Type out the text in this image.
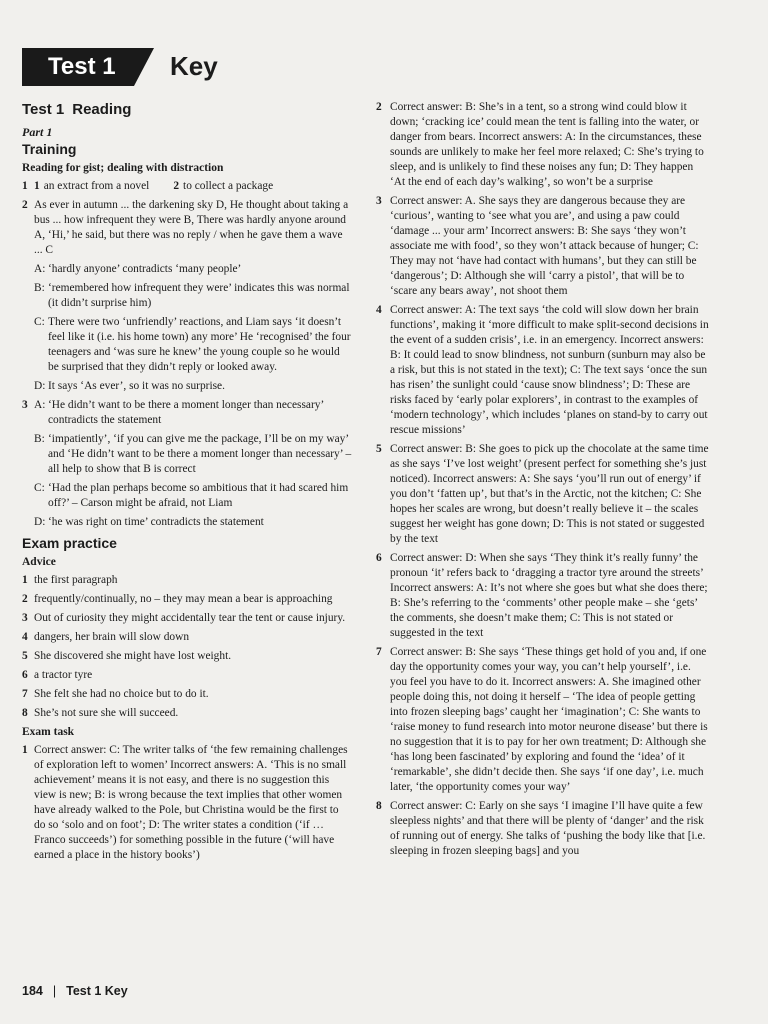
Test 1 Key
Test 1 Reading
Part 1
Training
Reading for gist; dealing with distraction
1 1 an extract from a novel	2 to collect a package
2 As ever in autumn ... the darkening sky D, He thought about taking a bus ... how infrequent they were B, There was hardly anyone around A, ‘Hi,’ he said, but there was no reply / when he gave them a wave ... C
A: ‘hardly anyone’ contradicts ‘many people’
B: ‘remembered how infrequent they were’ indicates this was normal (it didn’t surprise him)
C: There were two ‘unfriendly’ reactions, and Liam says ‘it doesn’t feel like it (i.e. his home town) any more’ He ‘recognised’ the four teenagers and ‘was sure he knew’ the young couple so he would be surprised that they didn’t reply or looked away.
D: It says ‘As ever’, so it was no surprise.
3 A: ‘He didn’t want to be there a moment longer than necessary’ contradicts the statement
B: ‘impatiently’, ‘if you can give me the package, I’ll be on my way’ and ‘He didn’t want to be there a moment longer than necessary’ – all help to show that B is correct
C: ‘Had the plan perhaps become so ambitious that it had scared him off?’ – Carson might be afraid, not Liam
D: ‘he was right on time’ contradicts the statement
Exam practice
Advice
1 the first paragraph
2 frequently/continually, no – they may mean a bear is approaching
3 Out of curiosity they might accidentally tear the tent or cause injury.
4 dangers, her brain will slow down
5 She discovered she might have lost weight.
6 a tractor tyre
7 She felt she had no choice but to do it.
8 She’s not sure she will succeed.
Exam task
1 Correct answer: C: The writer talks of ‘the few remaining challenges of exploration left to women’ Incorrect answers: A. ‘This is no small achievement’ means it is not easy, and there is no suggestion this view is new; B: is wrong because the text implies that other women have already walked to the Pole, but Christina would be the first to do so ‘solo and on foot’; D: The writer states a condition (‘if … Franco succeeds’) for something possible in the future (‘will have earned a place in the history books’)
2 Correct answer: B: She’s in a tent, so a strong wind could blow it down; ‘cracking ice’ could mean the tent is falling into the water, or danger from bears. Incorrect answers: A: In the circumstances, these sounds are unlikely to make her feel more relaxed; C: She’s trying to sleep, and is unlikely to find these noises any fun; D: They happen ‘At the end of each day’s walking’, so won’t be a surprise
3 Correct answer: A. She says they are dangerous because they are ‘curious’, wanting to ‘see what you are’, and using a paw could ‘damage ... your arm’ Incorrect answers: B: She says ‘they won’t associate me with food’, so they won’t attack because of hunger; C: They may not ‘have had contact with humans’, but they can still be ‘dangerous’; D: Although she will ‘carry a pistol’, that will be to ‘scare any bears away’, not shoot them
4 Correct answer: A: The text says ‘the cold will slow down her brain functions’, making it ‘more difficult to make split-second decisions in the event of a sudden crisis’, i.e. in an emergency. Incorrect answers: B: It could lead to snow blindness, not sunburn (sunburn may also be a risk, but this is not stated in the text); C: The text says ‘once the sun has risen’ the sunlight could ‘cause snow blindness’; D: These are risks faced by ‘early polar explorers’, in contrast to the examples of ‘modern technology’, which includes ‘planes on stand-by to carry out rescue missions’
5 Correct answer: B: She goes to pick up the chocolate at the same time as she says ‘I’ve lost weight’ (present perfect for something she’s just noticed). Incorrect answers: A: She says ‘you’ll run out of energy’ if you don’t ‘fatten up’, but that’s in the Arctic, not the kitchen; C: She hopes her scales are wrong, but doesn’t really believe it – the scales suggest her weight has gone down; D: This is not stated or suggested by the text
6 Correct answer: D: When she says ‘They think it’s really funny’ the pronoun ‘it’ refers back to ‘dragging a tractor tyre around the streets’ Incorrect answers: A: It’s not where she goes but what she does there; B: She’s referring to the ‘comments’ other people make – she ‘gets’ the comments, she doesn’t make them; C: This is not stated or suggested in the text
7 Correct answer: B: She says ‘These things get hold of you and, if one day the opportunity comes your way, you can’t help yourself’, i.e. you feel you have to do it. Incorrect answers: A. She imagined other people doing this, not doing it herself – ‘The idea of people getting into frozen sleeping bags’ caught her ‘imagination’; C: She wants to ‘raise money to fund research into motor neurone disease’ but there is no suggestion that it is to pay for her own treatment; D: Although she ‘has long been fascinated’ by exploring and found the ‘idea’ of it ‘remarkable’, she didn’t decide then. She says ‘if one day’, i.e. much later, ‘the opportunity comes your way’
8 Correct answer: C: Early on she says ‘I imagine I’ll have quite a few sleepless nights’ and that there will be plenty of ‘danger’ and the risk of running out of energy. She talks of ‘pushing the body like that [i.e. sleeping in frozen sleeping bags] and you
184 | Test 1 Key
